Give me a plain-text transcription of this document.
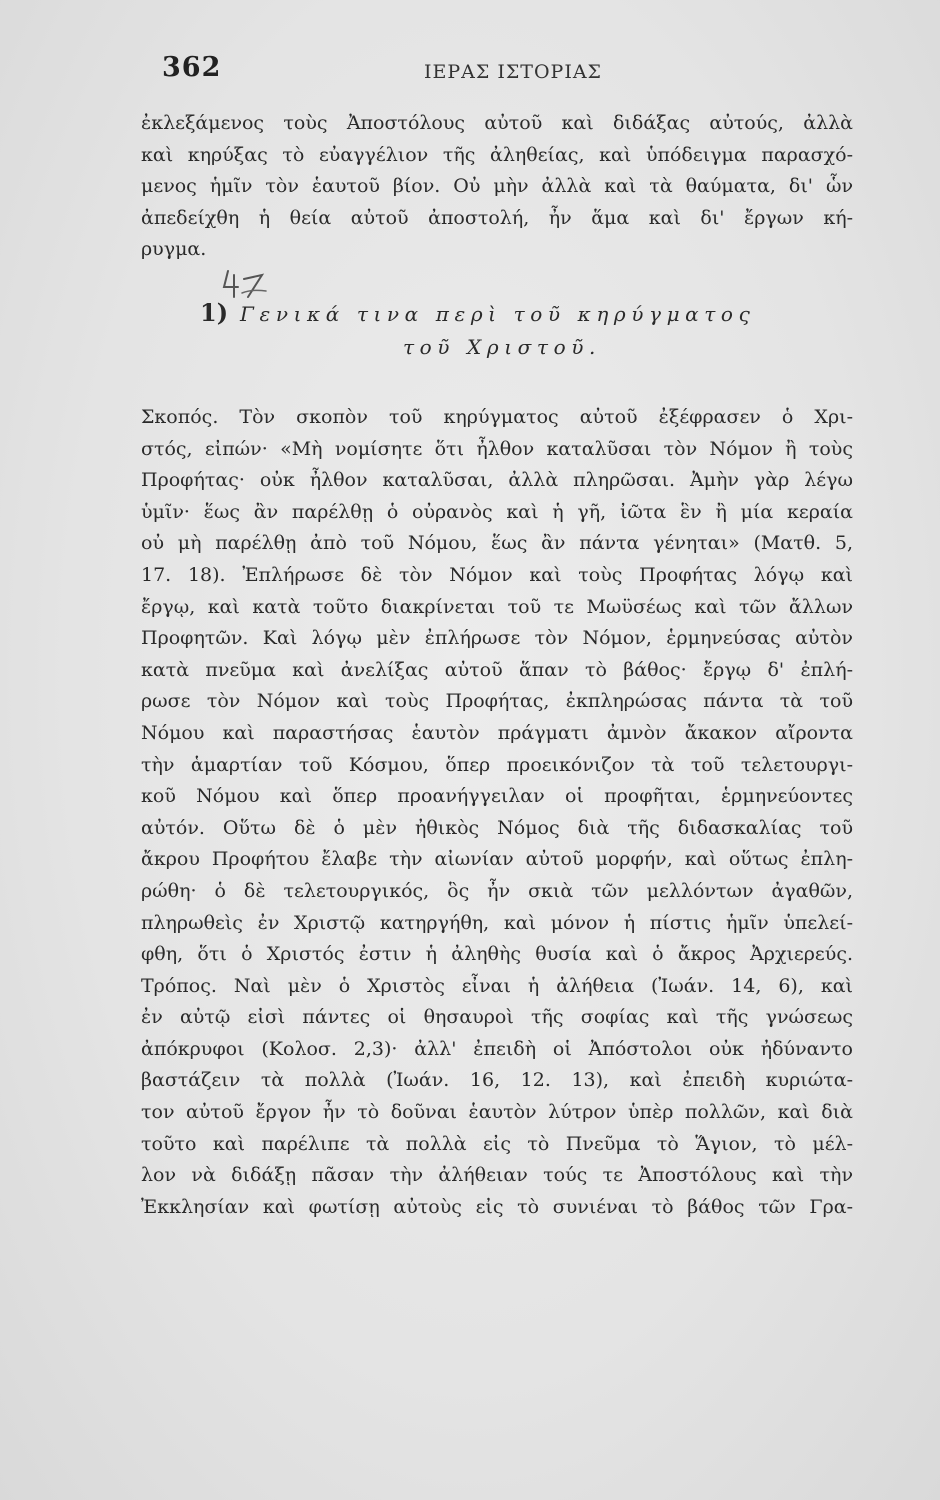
362	ΙΕΡΑΣ ΙΣΤΟΡΙΑΣ
ἐκλεξάμενος τοὺς Ἀποστόλους αὐτοῦ καὶ διδάξας αὐτούς, ἀλλὰ
καὶ κηρύξας τὸ εὐαγγέλιον τῆς ἀληθείας, καὶ ὑπόδειγμα παρασχό-
μενος ἡμῖν τὸν ἑαυτοῦ βίον. Οὐ μὴν ἀλλὰ καὶ τὰ θαύματα, δι' ὧν
ἀπεδείχθη ἡ θεία αὐτοῦ ἀποστολή, ἦν ἅμα καὶ δι' ἔργων κή-
ρυγμα.
1) Γενικά τινα περὶ τοῦ κηρύγματος
τοῦ Χριστοῦ.
Σκοπός. Τὸν σκοπὸν τοῦ κηρύγματος αὐτοῦ ἐξέφρασεν ὁ Χρι-
στός, εἰπών· «Μὴ νομίσητε ὅτι ἦλθον καταλῦσαι τὸν Νόμον ἢ τοὺς
Προφήτας· οὐκ ἦλθον καταλῦσαι, ἀλλὰ πληρῶσαι. Ἀμὴν γὰρ λέγω
ὑμῖν· ἕως ἂν παρέλθῃ ὁ οὐρανὸς καὶ ἡ γῆ, ἰῶτα ἓν ἢ μία κεραία
οὐ μὴ παρέλθῃ ἀπὸ τοῦ Νόμου, ἕως ἂν πάντα γένηται» (Ματθ. 5,
17. 18). Ἐπλήρωσε δὲ τὸν Νόμον καὶ τοὺς Προφήτας λόγῳ καὶ
ἔργῳ, καὶ κατὰ τοῦτο διακρίνεται τοῦ τε Μωϋσέως καὶ τῶν ἄλλων
Προφητῶν. Καὶ λόγῳ μὲν ἐπλήρωσε τὸν Νόμον, ἑρμηνεύσας αὐτὸν
κατὰ πνεῦμα καὶ ἀνελίξας αὐτοῦ ἅπαν τὸ βάθος· ἔργῳ δ' ἐπλή-
ρωσε τὸν Νόμον καὶ τοὺς Προφήτας, ἐκπληρώσας πάντα τὰ τοῦ
Νόμου καὶ παραστήσας ἑαυτὸν πράγματι ἀμνὸν ἄκακον αἴροντα
τὴν ἁμαρτίαν τοῦ Κόσμου, ὅπερ προεικόνιζον τὰ τοῦ τελετουργι-
κοῦ Νόμου καὶ ὅπερ προανήγγειλαν οἱ προφῆται, ἑρμηνεύοντες
αὐτόν. Οὕτω δὲ ὁ μὲν ἠθικὸς Νόμος διὰ τῆς διδασκαλίας τοῦ
ἄκρου Προφήτου ἔλαβε τὴν αἰωνίαν αὐτοῦ μορφήν, καὶ οὕτως ἐπλη-
ρώθη· ὁ δὲ τελετουργικός, ὃς ἦν σκιὰ τῶν μελλόντων ἀγαθῶν,
πληρωθεὶς ἐν Χριστῷ κατηργήθη, καὶ μόνον ἡ πίστις ἡμῖν ὑπελεί-
φθη, ὅτι ὁ Χριστός ἐστιν ἡ ἀληθὴς θυσία καὶ ὁ ἄκρος Ἀρχιερεύς.
Τρόπος. Ναὶ μὲν ὁ Χριστὸς εἶναι ἡ ἀλήθεια (Ἰωάν. 14, 6), καὶ
ἐν αὐτῷ εἰσὶ πάντες οἱ θησαυροὶ τῆς σοφίας καὶ τῆς γνώσεως
ἀπόκρυφοι (Κολοσ. 2,3)· ἀλλ' ἐπειδὴ οἱ Ἀπόστολοι οὐκ ἠδύναντο
βαστάζειν τὰ πολλὰ (Ἰωάν. 16, 12. 13), καὶ ἐπειδὴ κυριώτα-
τον αὐτοῦ ἔργον ἦν τὸ δοῦναι ἑαυτὸν λύτρον ὑπὲρ πολλῶν, καὶ διὰ
τοῦτο καὶ παρέλιπε τὰ πολλὰ εἰς τὸ Πνεῦμα τὸ Ἅγιον, τὸ μέλ-
λον νὰ διδάξῃ πᾶσαν τὴν ἀλήθειαν τούς τε Ἀποστόλους καὶ τὴν
Ἐκκλησίαν καὶ φωτίσῃ αὐτοὺς εἰς τὸ συνιέναι τὸ βάθος τῶν Γρα-
